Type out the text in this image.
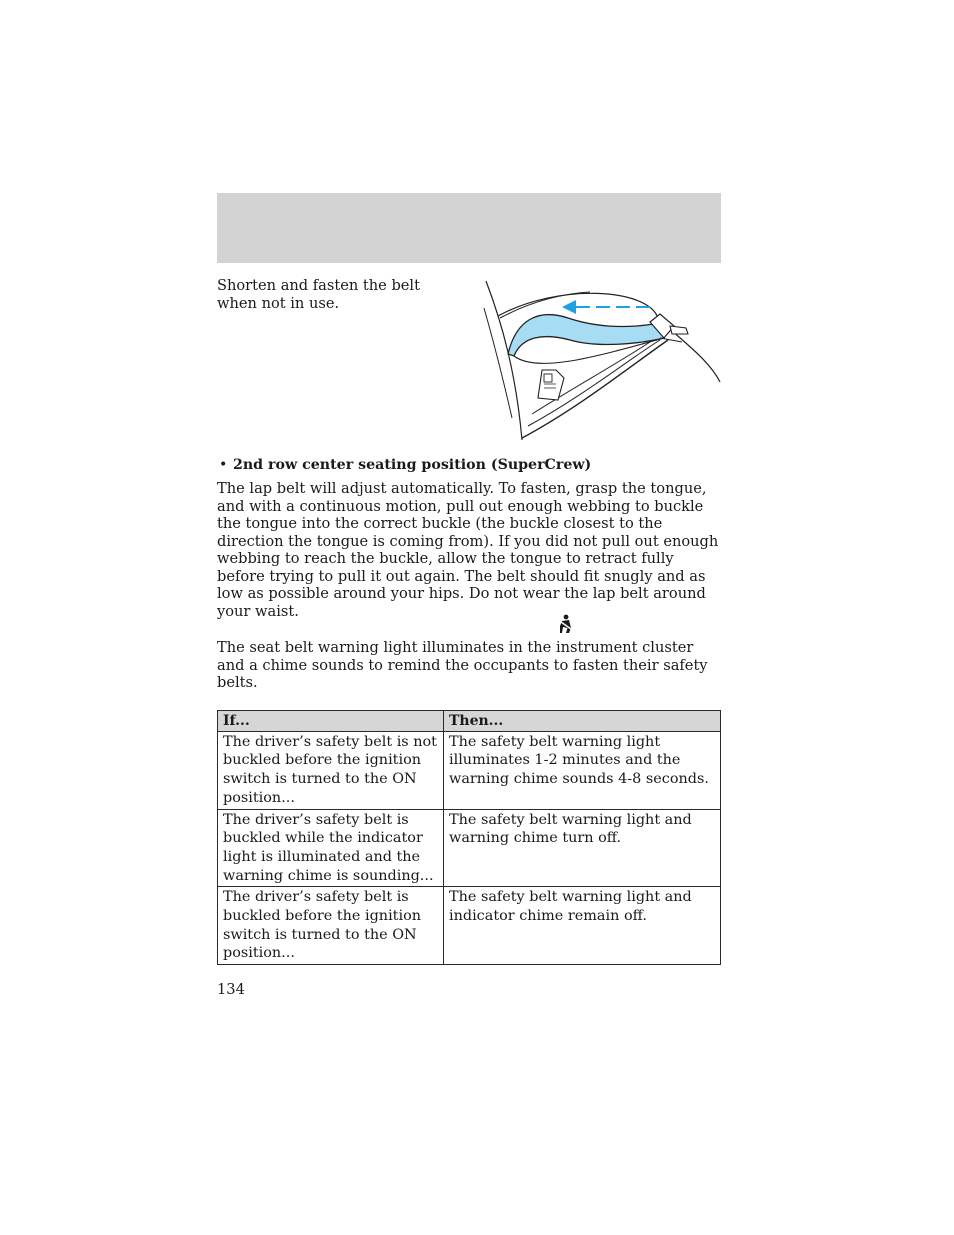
Shorten and fasten the belt when not in use.

• 2nd row center seating position (SuperCrew)

The lap belt will adjust automatically. To fasten, grasp the tongue, and with a continuous motion, pull out enough webbing to buckle the tongue into the correct buckle (the buckle closest to the direction the tongue is coming from). If you did not pull out enough webbing to reach the buckle, allow the tongue to retract fully before trying to pull it out again. The belt should fit snugly and as low as possible around your hips. Do not wear the lap belt around your waist.

The seat belt warning light illuminates in the instrument cluster and a chime sounds to remind the occupants to fasten their safety belts.

If...	Then...
The driver’s safety belt is not buckled before the ignition switch is turned to the ON position...	The safety belt warning light illuminates 1-2 minutes and the warning chime sounds 4-8 seconds.
The driver’s safety belt is buckled while the indicator light is illuminated and the warning chime is sounding...	The safety belt warning light and warning chime turn off.
The driver’s safety belt is buckled before the ignition switch is turned to the ON position...	The safety belt warning light and indicator chime remain off.
134
